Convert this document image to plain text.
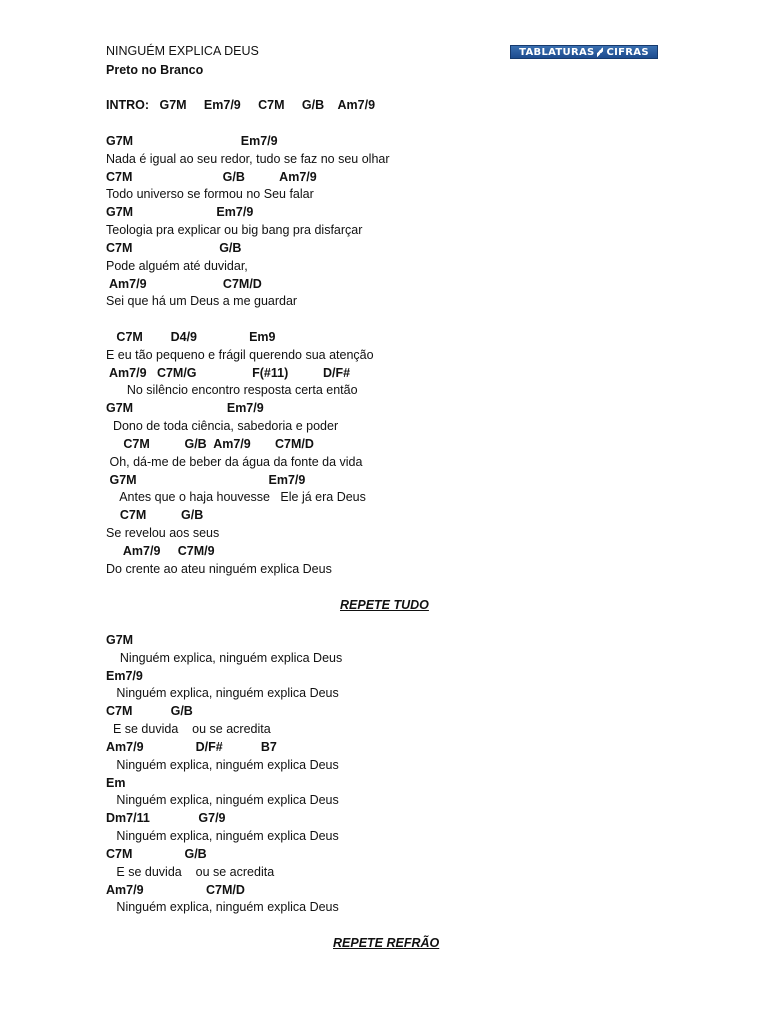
NINGUÉM EXPLICA DEUS
Preto no Branco
TABLATURAS CIFRAS
INTRO:   G7M     Em7/9     C7M     G/B    Am7/9
G7M                               Em7/9
Nada é igual ao seu redor, tudo se faz no seu olhar
C7M                          G/B          Am7/9
Todo universo se formou no Seu falar
G7M                        Em7/9
Teologia pra explicar ou big bang pra disfarçar
C7M                         G/B
Pode alguém até duvidar,
Am7/9                      C7M/D
Sei que há um Deus a me guardar
C7M        D4/9               Em9
E eu tão pequeno e frágil querendo sua atenção
Am7/9   C7M/G                F(#11)          D/F#
No silêncio encontro resposta certa então
G7M                           Em7/9
Dono de toda ciência, sabedoria e poder
C7M          G/B  Am7/9       C7M/D
Oh, dá-me de beber da água da fonte da vida
G7M                                      Em7/9
Antes que o haja houvesse   Ele já era Deus
C7M          G/B
Se revelou aos seus
Am7/9     C7M/9
Do crente ao ateu ninguém explica Deus
REPETE TUDO
G7M
Ninguém explica, ninguém explica Deus
Em7/9
Ninguém explica, ninguém explica Deus
C7M           G/B
E se duvida    ou se acredita
Am7/9               D/F#           B7
Ninguém explica, ninguém explica Deus
Em
Ninguém explica, ninguém explica Deus
Dm7/11              G7/9
Ninguém explica, ninguém explica Deus
C7M               G/B
E se duvida    ou se acredita
Am7/9                  C7M/D
Ninguém explica, ninguém explica Deus
REPETE REFRÃO
